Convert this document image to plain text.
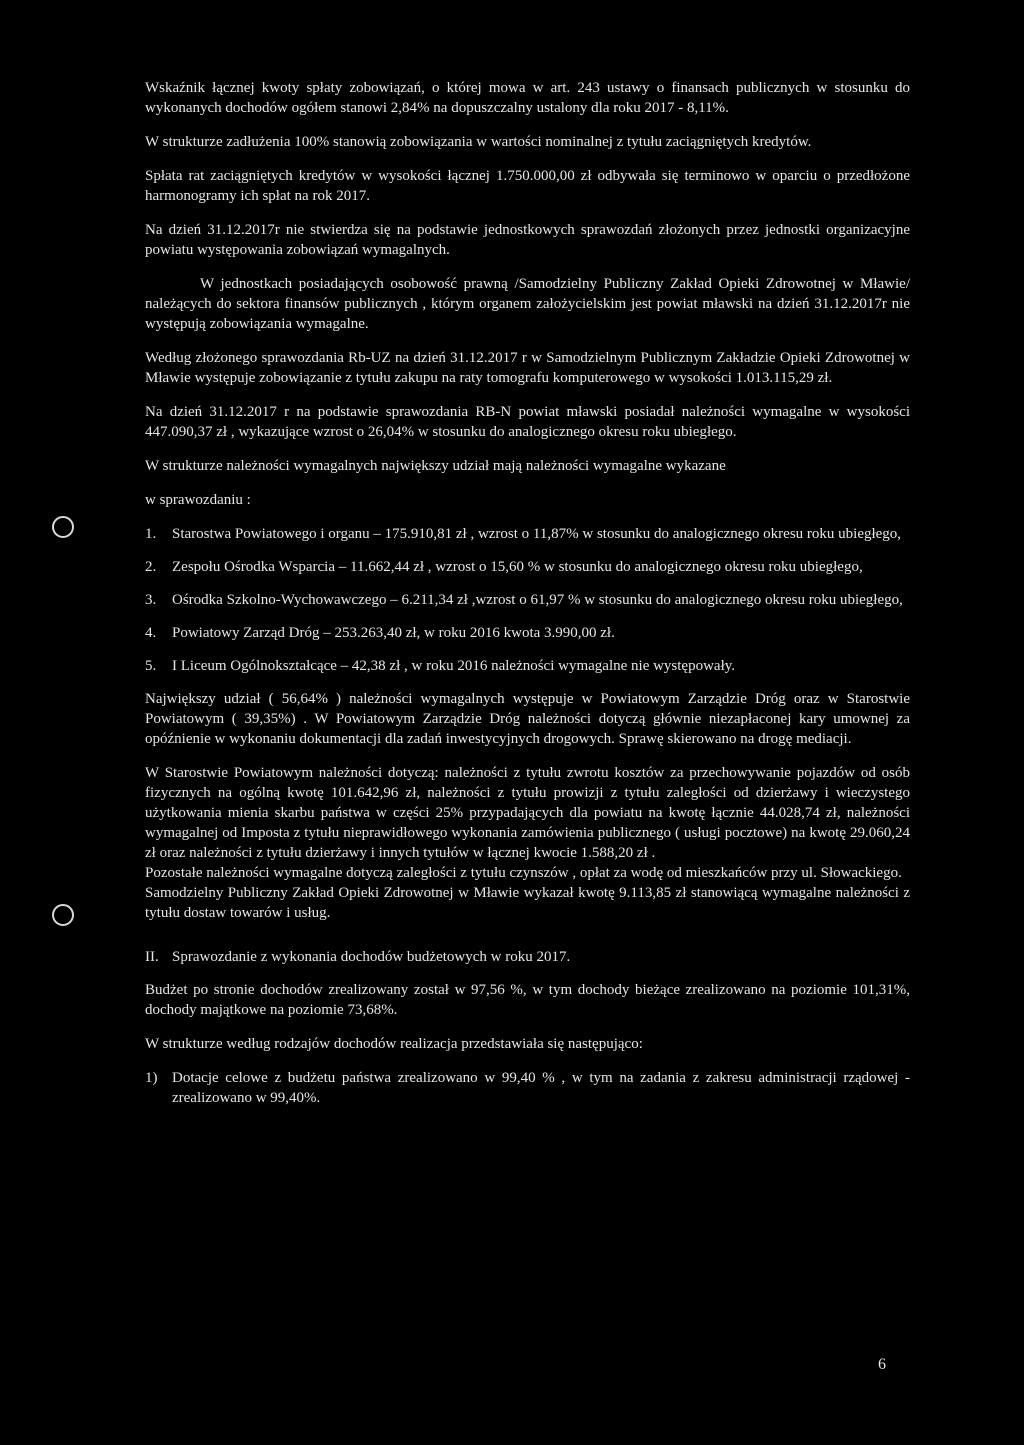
Wskaźnik łącznej kwoty spłaty zobowiązań, o której mowa w art. 243 ustawy o finansach publicznych w stosunku do wykonanych dochodów ogółem stanowi 2,84% na dopuszczalny ustalony dla roku 2017 - 8,11%.

W strukturze zadłużenia 100% stanowią zobowiązania w wartości nominalnej z tytułu zaciągniętych kredytów.

Spłata rat zaciągniętych kredytów w wysokości łącznej 1.750.000,00 zł odbywała się terminowo w oparciu o przedłożone harmonogramy ich spłat na rok 2017.

Na dzień 31.12.2017r nie stwierdza się na podstawie jednostkowych sprawozdań złożonych przez jednostki organizacyjne powiatu występowania zobowiązań wymagalnych.

W jednostkach posiadających osobowość prawną /Samodzielny Publiczny Zakład Opieki Zdrowotnej w Mławie/ należących do sektora finansów publicznych , którym organem założycielskim jest powiat mławski na dzień 31.12.2017r nie występują zobowiązania wymagalne.

Według złożonego sprawozdania Rb-UZ na dzień 31.12.2017 r w Samodzielnym Publicznym Zakładzie Opieki Zdrowotnej w Mławie występuje zobowiązanie z tytułu zakupu na raty tomografu komputerowego w wysokości 1.013.115,29 zł.

Na dzień 31.12.2017 r na podstawie sprawozdania RB-N powiat mławski posiadał należności wymagalne w wysokości 447.090,37 zł , wykazujące wzrost o 26,04% w stosunku do analogicznego okresu roku ubiegłego.

W strukturze należności wymagalnych największy udział mają należności wymagalne wykazane

w sprawozdaniu :

1.	Starostwa Powiatowego i organu – 175.910,81 zł , wzrost o 11,87% w stosunku do analogicznego okresu roku ubiegłego,
2.	Zespołu Ośrodka Wsparcia – 11.662,44 zł , wzrost o 15,60 % w stosunku do analogicznego okresu roku ubiegłego,
3.	Ośrodka Szkolno-Wychowawczego – 6.211,34 zł ,wzrost o 61,97 % w stosunku do analogicznego okresu roku ubiegłego,
4.	Powiatowy Zarząd Dróg – 253.263,40 zł, w roku 2016 kwota 3.990,00 zł.
5.	I Liceum Ogólnokształcące – 42,38 zł , w roku 2016 należności wymagalne nie występowały.

Największy udział ( 56,64% ) należności wymagalnych występuje w Powiatowym Zarządzie Dróg oraz w Starostwie Powiatowym ( 39,35%) . W Powiatowym Zarządzie Dróg należności dotyczą głównie niezapłaconej kary umownej za opóźnienie w wykonaniu dokumentacji dla zadań inwestycyjnych drogowych. Sprawę skierowano na drogę mediacji.

W Starostwie Powiatowym należności dotyczą: należności z tytułu zwrotu kosztów za przechowywanie pojazdów od osób fizycznych na ogólną kwotę 101.642,96 zł, należności z tytułu prowizji z tytułu zaległości od dzierżawy i wieczystego użytkowania mienia skarbu państwa w części 25% przypadających dla powiatu na kwotę łącznie 44.028,74 zł, należności wymagalnej od Imposta z tytułu nieprawidłowego wykonania zamówienia publicznego ( usługi pocztowe) na kwotę 29.060,24 zł oraz należności z tytułu dzierżawy i innych tytułów w łącznej kwocie 1.588,20 zł .

Pozostałe należności wymagalne dotyczą zaległości z tytułu czynszów , opłat za wodę od mieszkańców przy ul. Słowackiego.

Samodzielny Publiczny Zakład Opieki Zdrowotnej w Mławie wykazał kwotę 9.113,85 zł stanowiącą wymagalne należności z tytułu dostaw towarów i usług.

II. Sprawozdanie z wykonania dochodów budżetowych w roku 2017.

Budżet po stronie dochodów zrealizowany został w 97,56 %, w tym dochody bieżące zrealizowano na poziomie 101,31%, dochody majątkowe na poziomie 73,68%.

W strukturze według rodzajów dochodów realizacja przedstawiała się następująco:

1) Dotacje celowe z budżetu państwa zrealizowano w 99,40 % , w tym na zadania z zakresu administracji rządowej - zrealizowano w 99,40%.
6
